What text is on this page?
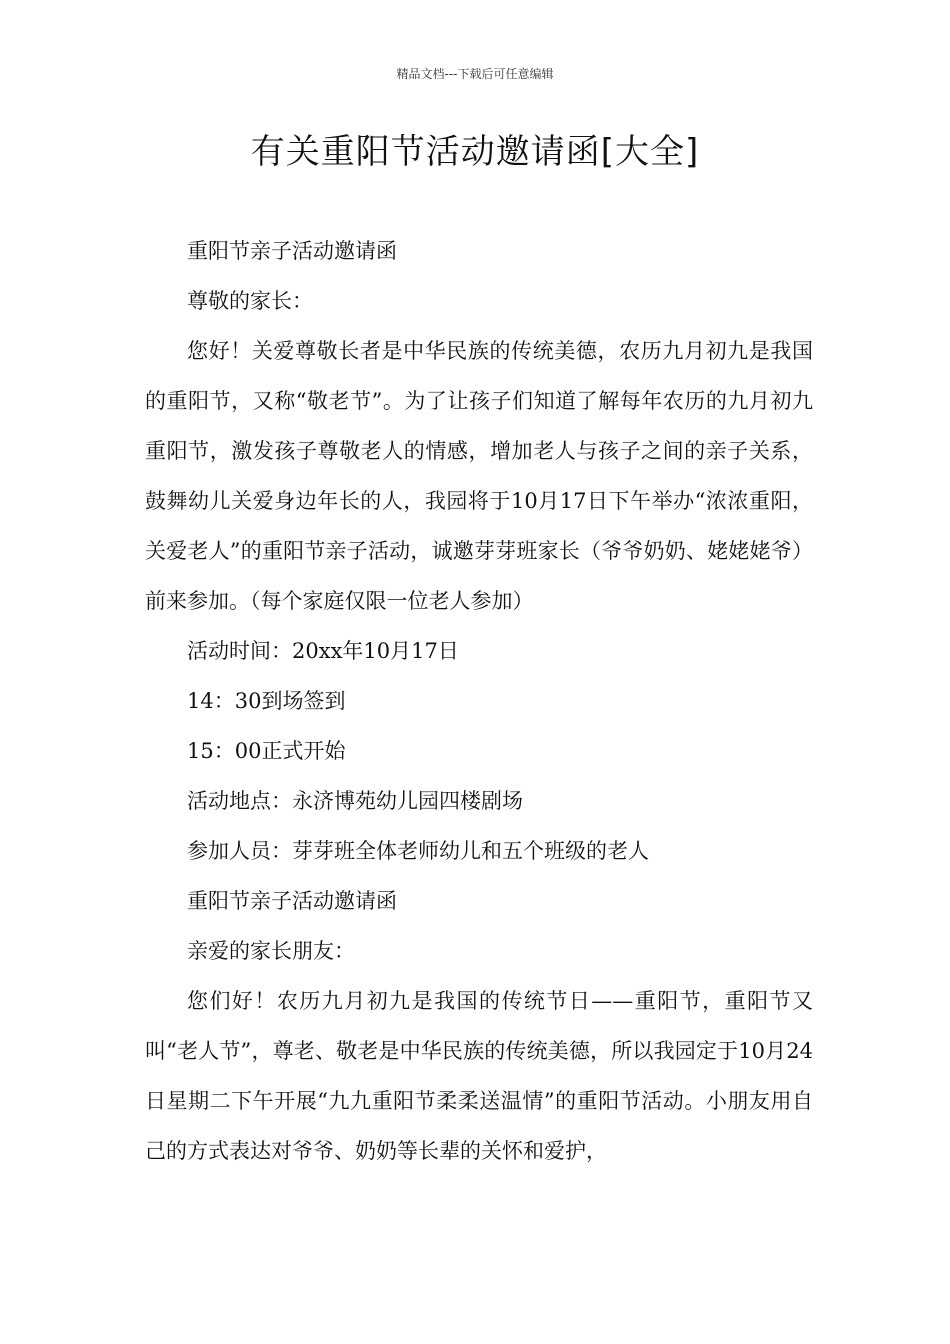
精品文档---下载后可任意编辑
有关重阳节活动邀请函[大全]

重阳节亲子活动邀请函

尊敬的家长：

您好！关爱尊敬长者是中华民族的传统美德，农历九月初九是我国的重阳节，又称“敬老节”。为了让孩子们知道了解每年农历的九月初九重阳节，激发孩子尊敬老人的情感，增加老人与孩子之间的亲子关系，鼓舞幼儿关爱身边年长的人，我园将于10月17日下午举办“浓浓重阳，关爱老人”的重阳节亲子活动，诚邀芽芽班家长（爷爷奶奶、姥姥姥爷）前来参加。（每个家庭仅限一位老人参加）

活动时间：20xx年10月17日

14：30到场签到

15：00正式开始

活动地点：永济博苑幼儿园四楼剧场

参加人员：芽芽班全体老师幼儿和五个班级的老人

重阳节亲子活动邀请函

亲爱的家长朋友：

您们好！农历九月初九是我国的传统节日——重阳节，重阳节又叫“老人节”，尊老、敬老是中华民族的传统美德，所以我园定于10月24日星期二下午开展“九九重阳节柔柔送温情”的重阳节活动。小朋友用自己的方式表达对爷爷、奶奶等长辈的关怀和爱护，
